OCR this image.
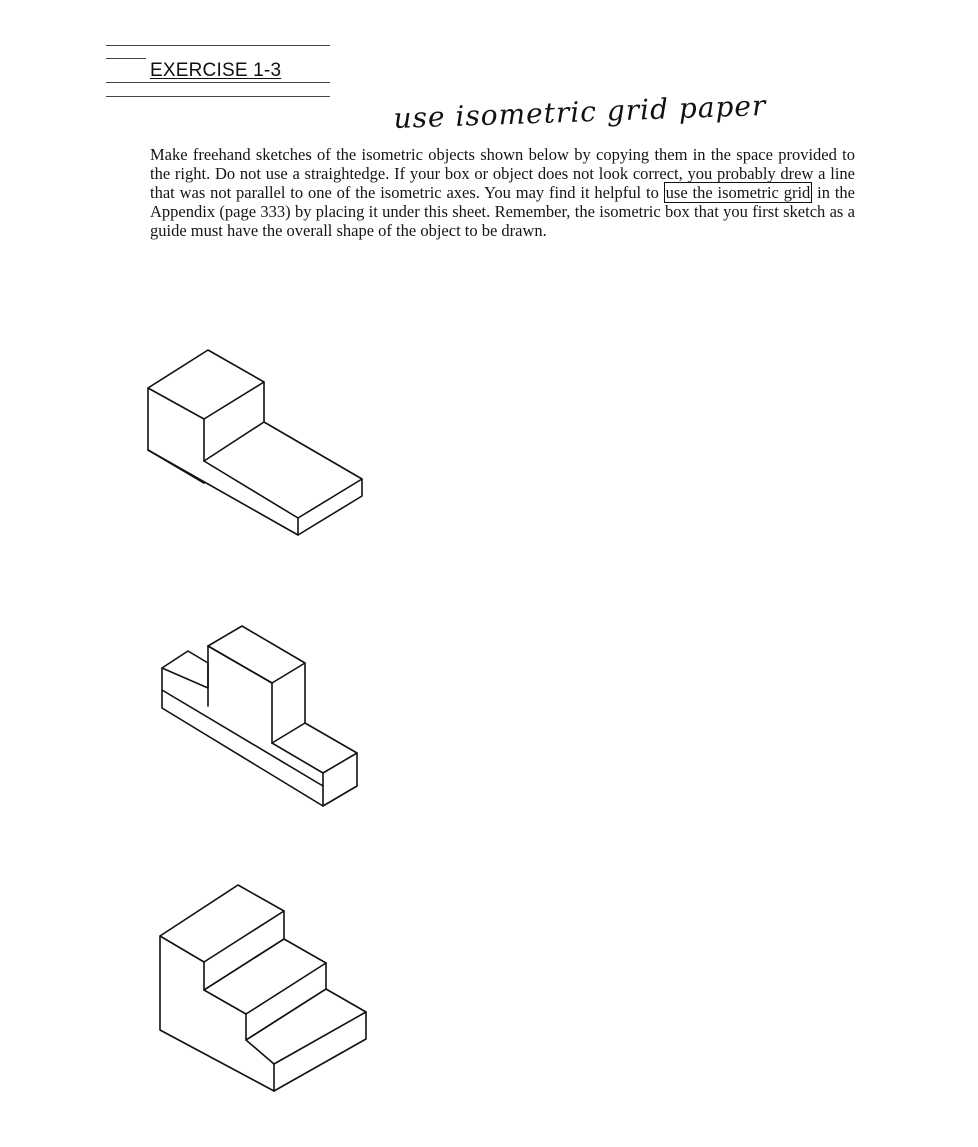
EXERCISE 1-3
use isometric grid paper
Make freehand sketches of the isometric objects shown below by copying them in the space provided to the right. Do not use a straightedge. If your box or object does not look correct, you probably drew a line that was not parallel to one of the isometric axes. You may find it helpful to use the isometric grid in the Appendix (page 333) by placing it under this sheet. Remember, the isometric box that you first sketch as a guide must have the overall shape of the object to be drawn.
